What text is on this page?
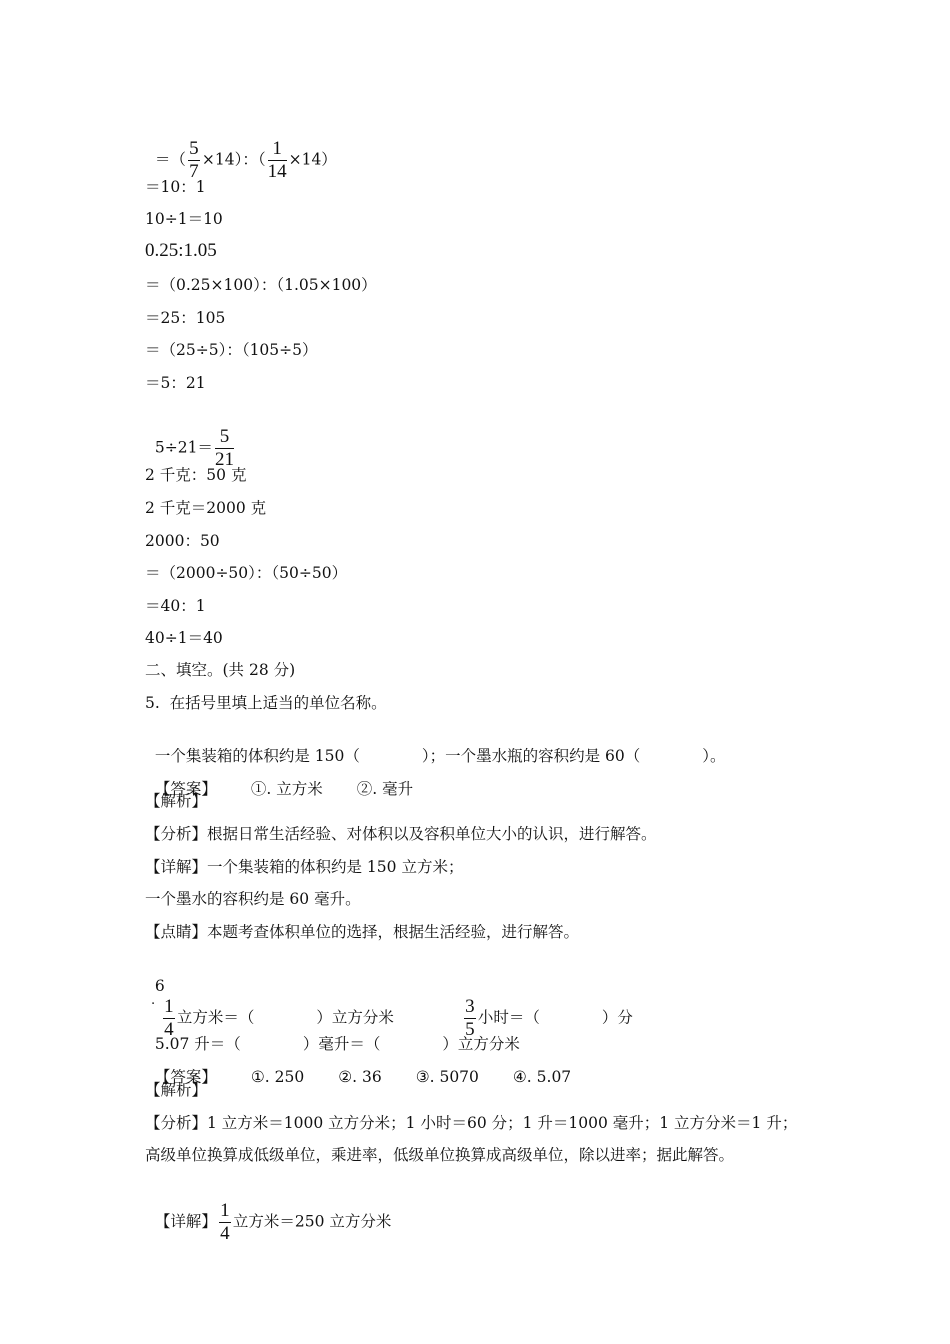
＝（ $\frac{5}{7} \times 14$）：（ $\frac{1}{14} \times 14$）

＝10：1
10÷1＝10
0.25:1.05
＝（0.25×100）：（1.05×100）
＝25：105
＝（25÷5）：（105÷5）
＝5：21

$5\div 21= \frac{5}{21}$

2 千克：50 克
2 千克＝2000 克
2000：50
＝（2000÷50）：（50÷50）
＝40：1
40÷1＝40
二、填空。(共 28 分)
5.  在括号里填上适当的单位名称。

一个集装箱的体积约是 150（	）；一个墨水瓶的容积约是 60（	）。

【答案】 ①. 立方米 ②. 毫升

【解析】
【分析】根据日常生活经验、对体积以及容积单位大小的认识，进行解答。
【详解】一个集装箱的体积约是 150 立方米；
一个墨水的容积约是 60 毫升。
【点睛】本题考查体积单位的选择，根据生活经验，进行解答。

6

$\frac{1}{4}$ 立方米＝（	）立方分米	$\frac{3}{5}$ 小时＝（	）分

.

5.07 升＝（	）毫升＝（	）立方分米

【答案】 ①. 250 ②. 36 ③. 5070 ④. 5.07

【解析】
【分析】1 立方米＝1000 立方分米；1 小时＝60 分；1 升＝1000 毫升；1 立方分米＝1 升；
高级单位换算成低级单位，乘进率，低级单位换算成高级单位，除以进率；据此解答。

【详解】 $\frac{1}{4}$ 立方米＝250 立方分米
